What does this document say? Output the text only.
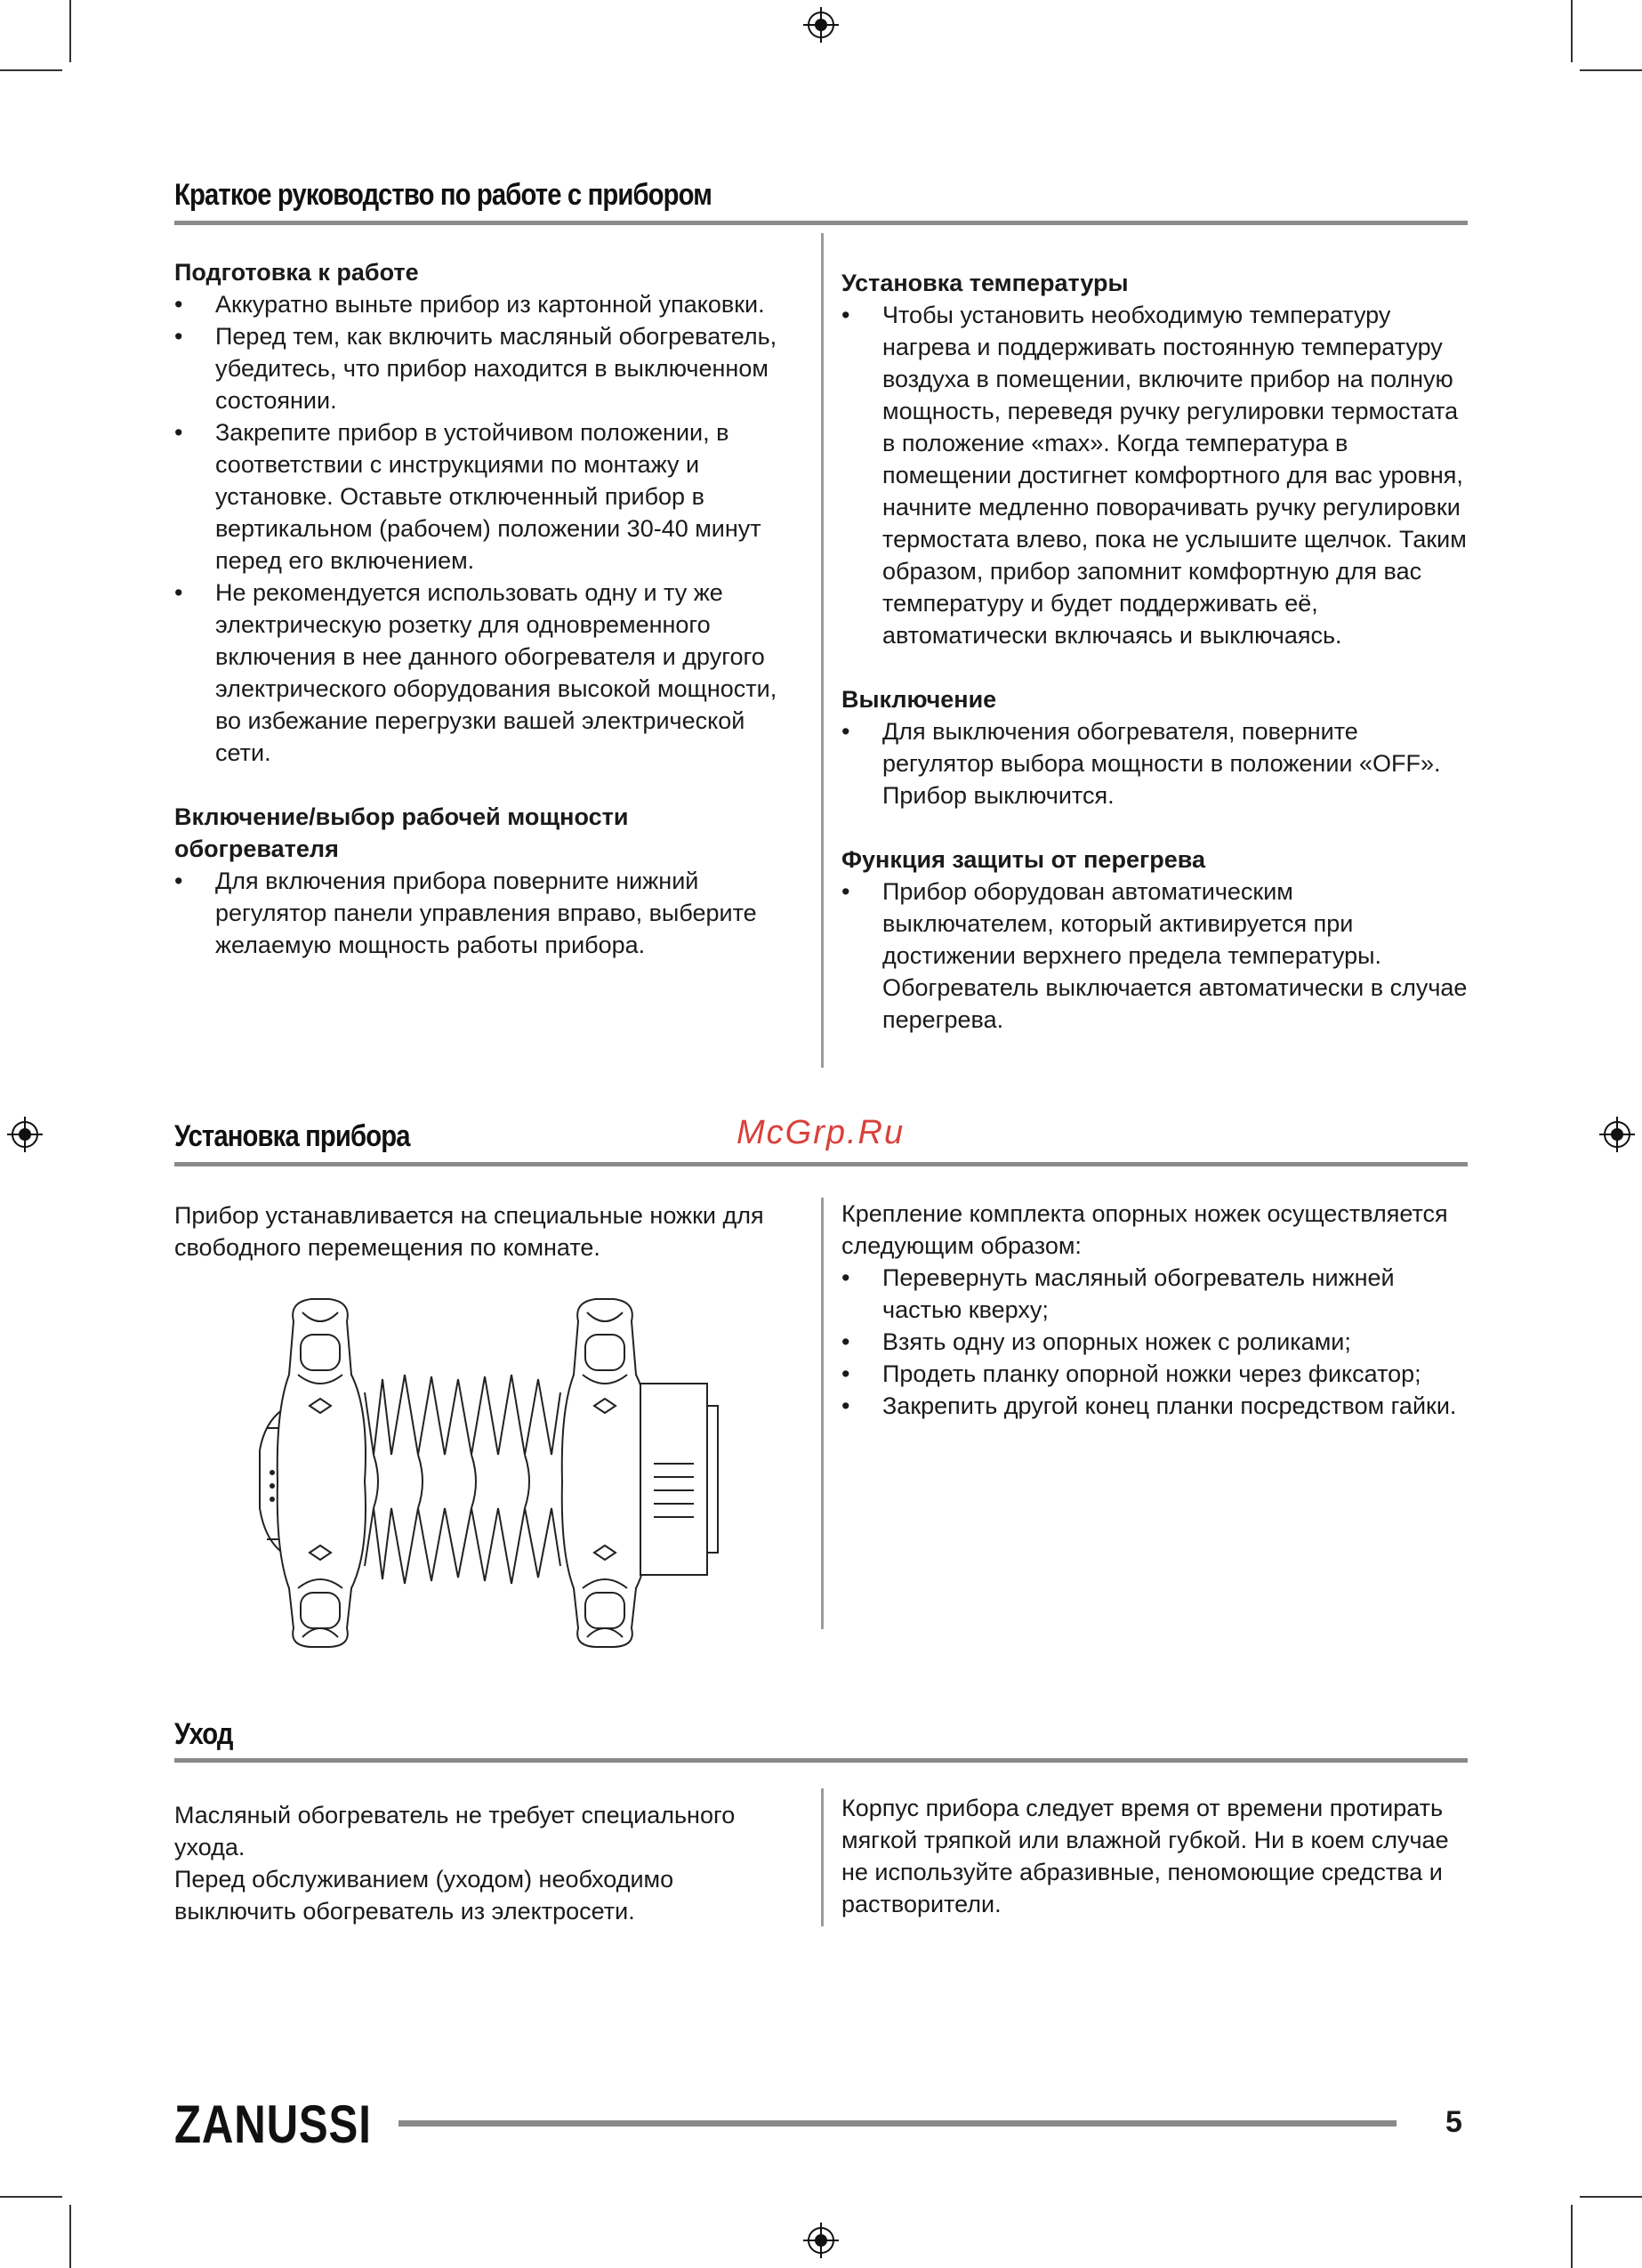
Краткое руководство по работе с прибором
Подготовка к работе
• Аккуратно выньте прибор из картонной упаковки.
• Перед тем, как включить масляный обогреватель, убедитесь, что прибор находится в выключенном состоянии.
• Закрепите прибор в устойчивом положении, в соответствии с инструкциями по монтажу и установке. Оставьте отключенный прибор в вертикальном (рабочем) положении 30-40 минут перед его включением.
• Не рекомендуется использовать одну и ту же электрическую розетку для одновременного включения в нее данного обогревателя и другого электрического оборудования высокой мощности, во избежание перегрузки вашей электрической сети.
Включение/выбор рабочей мощности обогревателя
• Для включения прибора поверните нижний регулятор панели управления вправо, выберите желаемую мощность работы прибора.
Установка температуры
• Чтобы установить необходимую температуру нагрева и поддерживать постоянную температуру воздуха в помещении, включите прибор на полную мощность, переведя ручку регулировки термостата в положение «max». Когда температура в помещении достигнет комфортного для вас уровня, начните медленно поворачивать ручку регулировки термостата влево, пока не услышите щелчок. Таким образом, прибор запомнит комфортную для вас температуру и будет поддерживать её, автоматически включаясь и выключаясь.
Выключение
• Для выключения обогревателя, поверните регулятор выбора мощности в положении «OFF». Прибор выключится.
Функция защиты от перегрева
• Прибор оборудован автоматическим выключателем, который активируется при достижении верхнего предела температуры. Обогреватель выключается автоматически в случае перегрева.
Установка прибора	McGrp.Ru

Прибор устанавливается на специальные ножки для свободного перемещения по комнате.

Крепление комплекта опорных ножек осуществляется следующим образом:

• Перевернуть масляный обогреватель нижней частью кверху;
• Взять одну из опорных ножек с роликами;
• Продеть планку опорной ножки через фиксатор;
• Закрепить другой конец планки посредством гайки.
Уход

Масляный обогреватель не требует специального ухода.

Перед обслуживанием (уходом) необходимо выключить обогреватель из электросети.

Корпус прибора следует время от времени протирать мягкой тряпкой или влажной губкой. Ни в коем случае не используйте абразивные, пеномоющие средства и растворители.

ZANUSSI	5
